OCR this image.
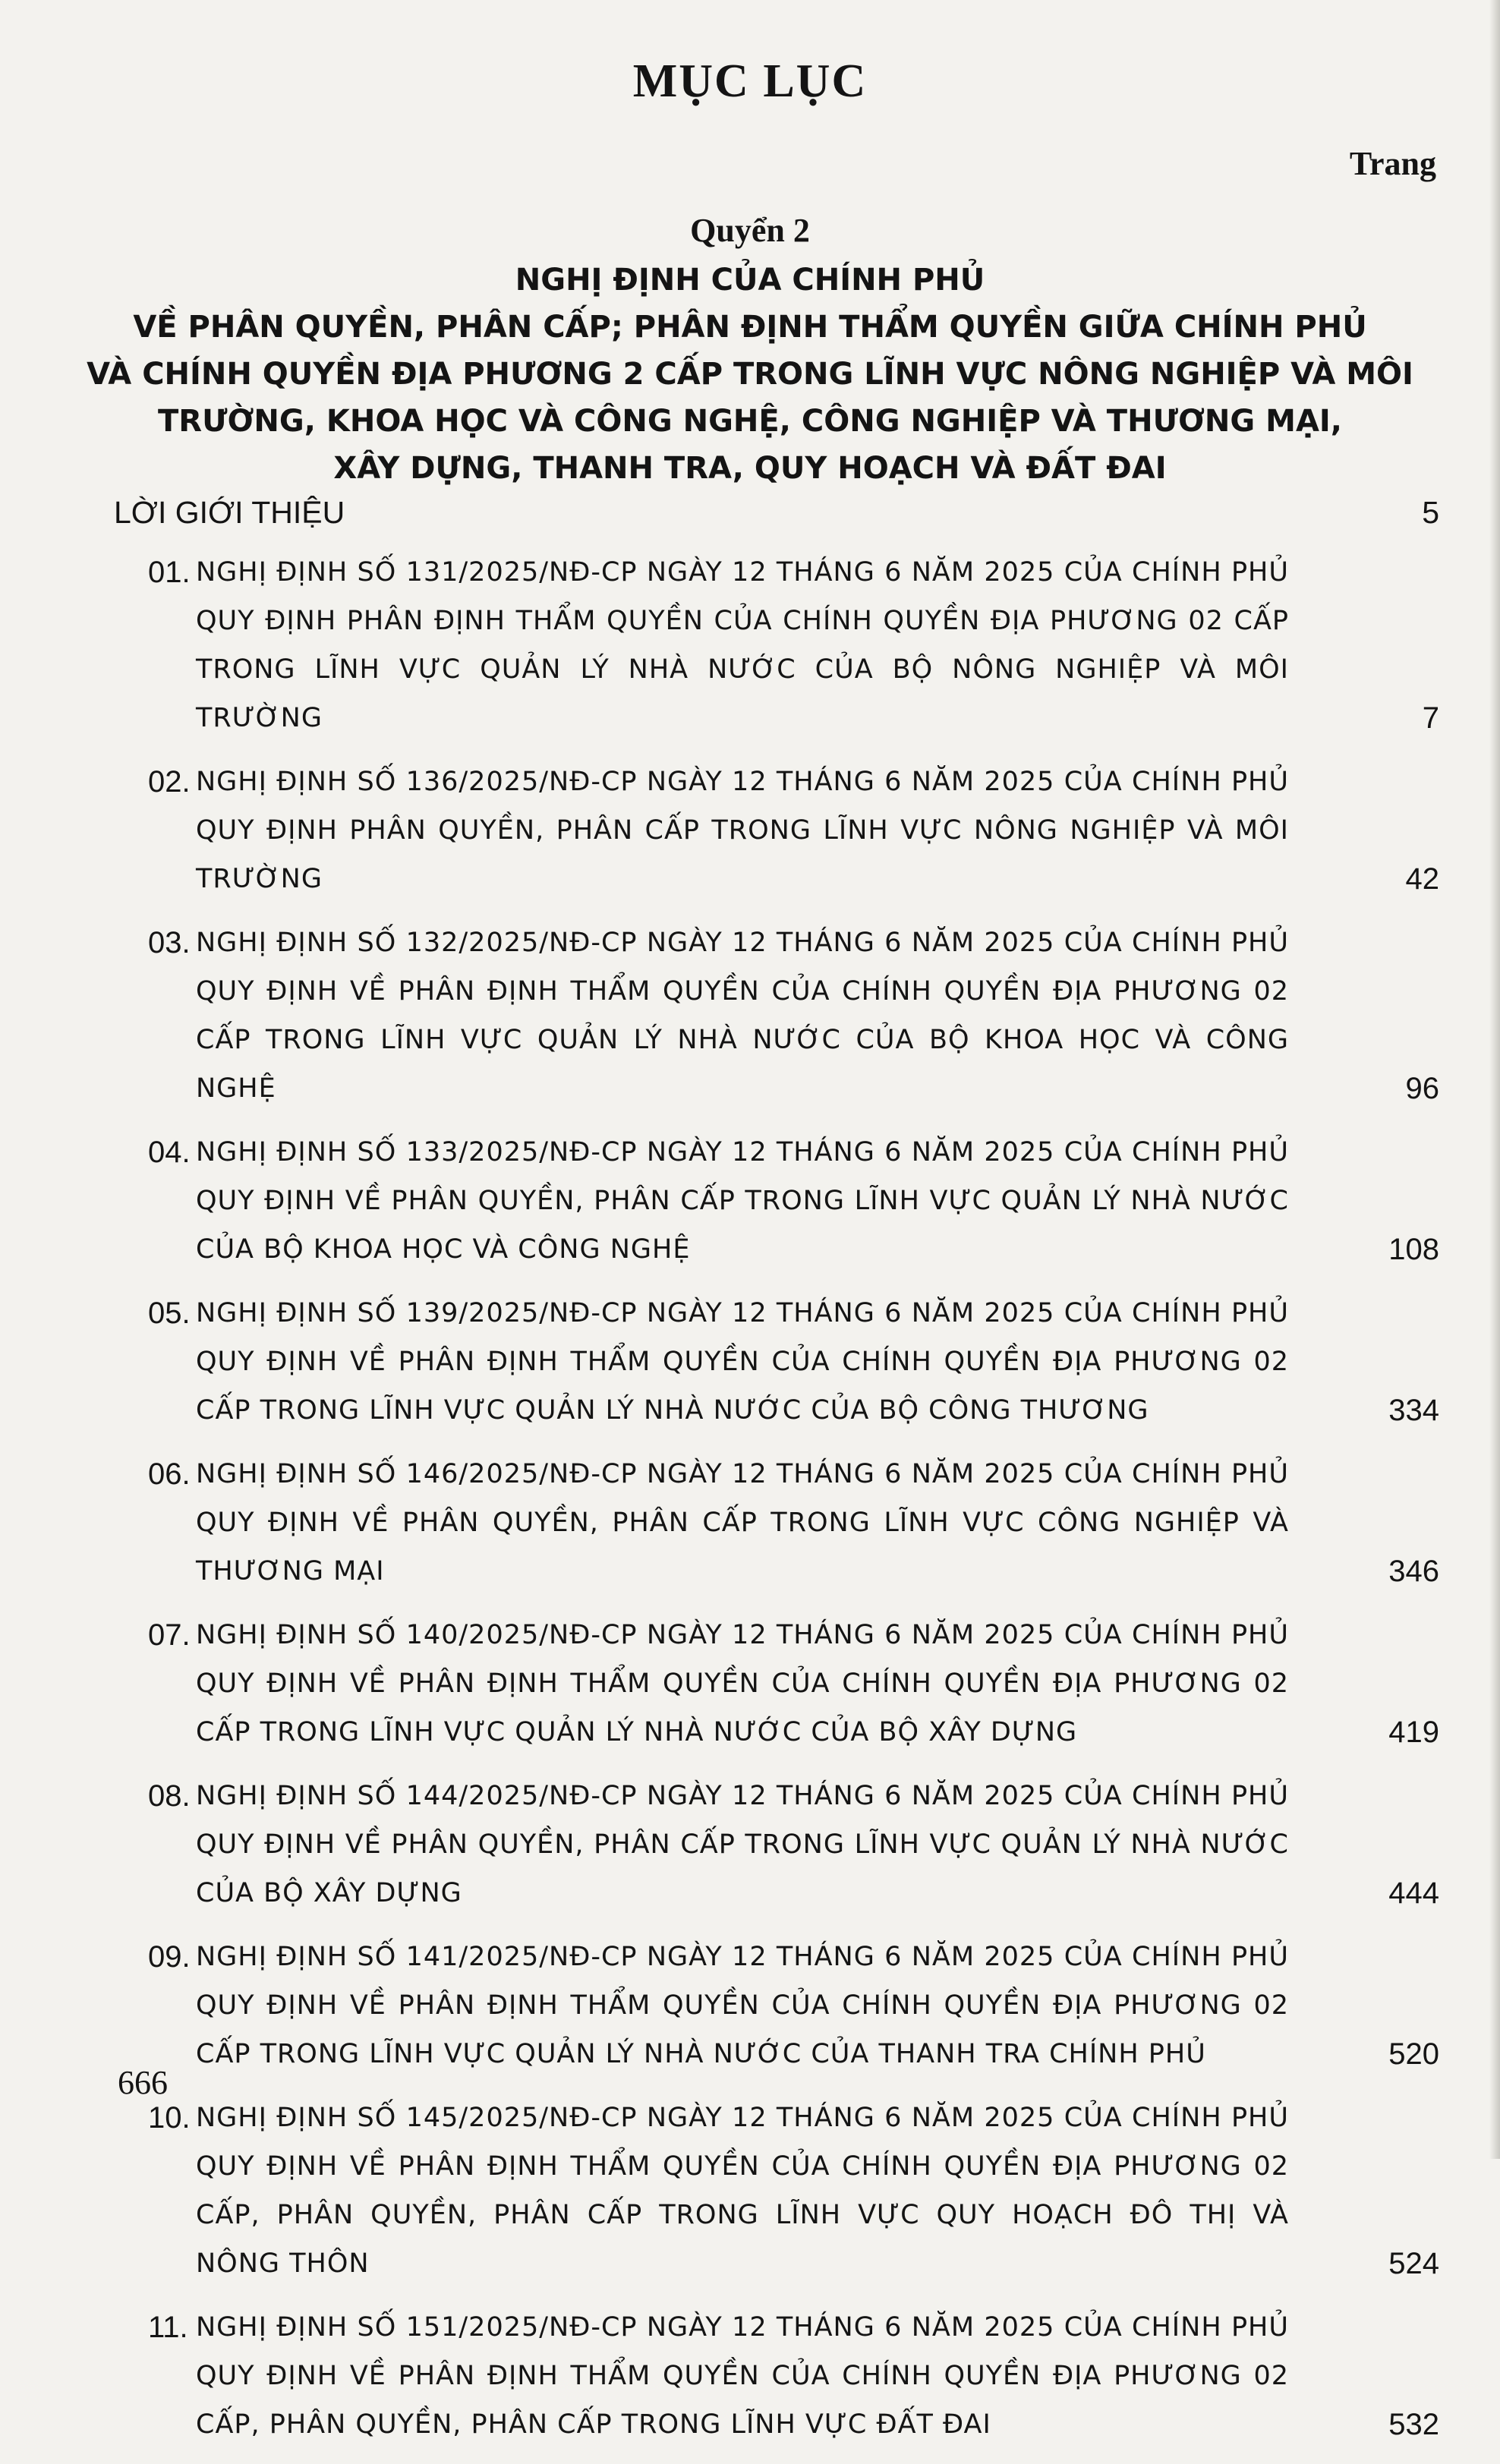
MỤC LỤC
Trang
Quyển 2
NGHỊ ĐỊNH CỦA CHÍNH PHỦ
VỀ PHÂN QUYỀN, PHÂN CẤP; PHÂN ĐỊNH THẨM QUYỀN GIỮA CHÍNH PHỦ
VÀ CHÍNH QUYỀN ĐỊA PHƯƠNG 2 CẤP TRONG LĨNH VỰC NÔNG NGHIỆP VÀ MÔI
TRƯỜNG, KHOA HỌC VÀ CÔNG NGHỆ, CÔNG NGHIỆP VÀ THƯƠNG MẠI,
XÂY DỰNG, THANH TRA, QUY HOẠCH VÀ ĐẤT ĐAI
LỜI GIỚI THIỆU	5
01. NGHỊ ĐỊNH SỐ 131/2025/NĐ-CP NGÀY 12 THÁNG 6 NĂM 2025 CỦA CHÍNH PHỦ QUY ĐỊNH PHÂN ĐỊNH THẨM QUYỀN CỦA CHÍNH QUYỀN ĐỊA PHƯƠNG 02 CẤP TRONG LĨNH VỰC QUẢN LÝ NHÀ NƯỚC CỦA BỘ NÔNG NGHIỆP VÀ MÔI TRƯỜNG	7
02. NGHỊ ĐỊNH SỐ 136/2025/NĐ-CP NGÀY 12 THÁNG 6 NĂM 2025 CỦA CHÍNH PHỦ QUY ĐỊNH PHÂN QUYỀN, PHÂN CẤP TRONG LĨNH VỰC NÔNG NGHIỆP VÀ MÔI TRƯỜNG	42
03. NGHỊ ĐỊNH SỐ 132/2025/NĐ-CP NGÀY 12 THÁNG 6 NĂM 2025 CỦA CHÍNH PHỦ QUY ĐỊNH VỀ PHÂN ĐỊNH THẨM QUYỀN CỦA CHÍNH QUYỀN ĐỊA PHƯƠNG 02 CẤP TRONG LĨNH VỰC QUẢN LÝ NHÀ NƯỚC CỦA BỘ KHOA HỌC VÀ CÔNG NGHỆ	96
04. NGHỊ ĐỊNH SỐ 133/2025/NĐ-CP NGÀY 12 THÁNG 6 NĂM 2025 CỦA CHÍNH PHỦ QUY ĐỊNH VỀ PHÂN QUYỀN, PHÂN CẤP TRONG LĨNH VỰC QUẢN LÝ NHÀ NƯỚC CỦA BỘ KHOA HỌC VÀ CÔNG NGHỆ	108
05. NGHỊ ĐỊNH SỐ 139/2025/NĐ-CP NGÀY 12 THÁNG 6 NĂM 2025 CỦA CHÍNH PHỦ QUY ĐỊNH VỀ PHÂN ĐỊNH THẨM QUYỀN CỦA CHÍNH QUYỀN ĐỊA PHƯƠNG 02 CẤP TRONG LĨNH VỰC QUẢN LÝ NHÀ NƯỚC CỦA BỘ CÔNG THƯƠNG	334
06. NGHỊ ĐỊNH SỐ 146/2025/NĐ-CP NGÀY 12 THÁNG 6 NĂM 2025 CỦA CHÍNH PHỦ QUY ĐỊNH VỀ PHÂN QUYỀN, PHÂN CẤP TRONG LĨNH VỰC CÔNG NGHIỆP VÀ THƯƠNG MẠI	346
07. NGHỊ ĐỊNH SỐ 140/2025/NĐ-CP NGÀY 12 THÁNG 6 NĂM 2025 CỦA CHÍNH PHỦ QUY ĐỊNH VỀ PHÂN ĐỊNH THẨM QUYỀN CỦA CHÍNH QUYỀN ĐỊA PHƯƠNG 02 CẤP TRONG LĨNH VỰC QUẢN LÝ NHÀ NƯỚC CỦA BỘ XÂY DỰNG	419
08. NGHỊ ĐỊNH SỐ 144/2025/NĐ-CP NGÀY 12 THÁNG 6 NĂM 2025 CỦA CHÍNH PHỦ QUY ĐỊNH VỀ PHÂN QUYỀN, PHÂN CẤP TRONG LĨNH VỰC QUẢN LÝ NHÀ NƯỚC CỦA BỘ XÂY DỰNG	444
09. NGHỊ ĐỊNH SỐ 141/2025/NĐ-CP NGÀY 12 THÁNG 6 NĂM 2025 CỦA CHÍNH PHỦ QUY ĐỊNH VỀ PHÂN ĐỊNH THẨM QUYỀN CỦA CHÍNH QUYỀN ĐỊA PHƯƠNG 02 CẤP TRONG LĨNH VỰC QUẢN LÝ NHÀ NƯỚC CỦA THANH TRA CHÍNH PHỦ	520
10. NGHỊ ĐỊNH SỐ 145/2025/NĐ-CP NGÀY 12 THÁNG 6 NĂM 2025 CỦA CHÍNH PHỦ QUY ĐỊNH VỀ PHÂN ĐỊNH THẨM QUYỀN CỦA CHÍNH QUYỀN ĐỊA PHƯƠNG 02 CẤP, PHÂN QUYỀN, PHÂN CẤP TRONG LĨNH VỰC QUY HOẠCH ĐÔ THỊ VÀ NÔNG THÔN	524
11. NGHỊ ĐỊNH SỐ 151/2025/NĐ-CP NGÀY 12 THÁNG 6 NĂM 2025 CỦA CHÍNH PHỦ QUY ĐỊNH VỀ PHÂN ĐỊNH THẨM QUYỀN CỦA CHÍNH QUYỀN ĐỊA PHƯƠNG 02 CẤP, PHÂN QUYỀN, PHÂN CẤP TRONG LĨNH VỰC ĐẤT ĐAI	532
666
